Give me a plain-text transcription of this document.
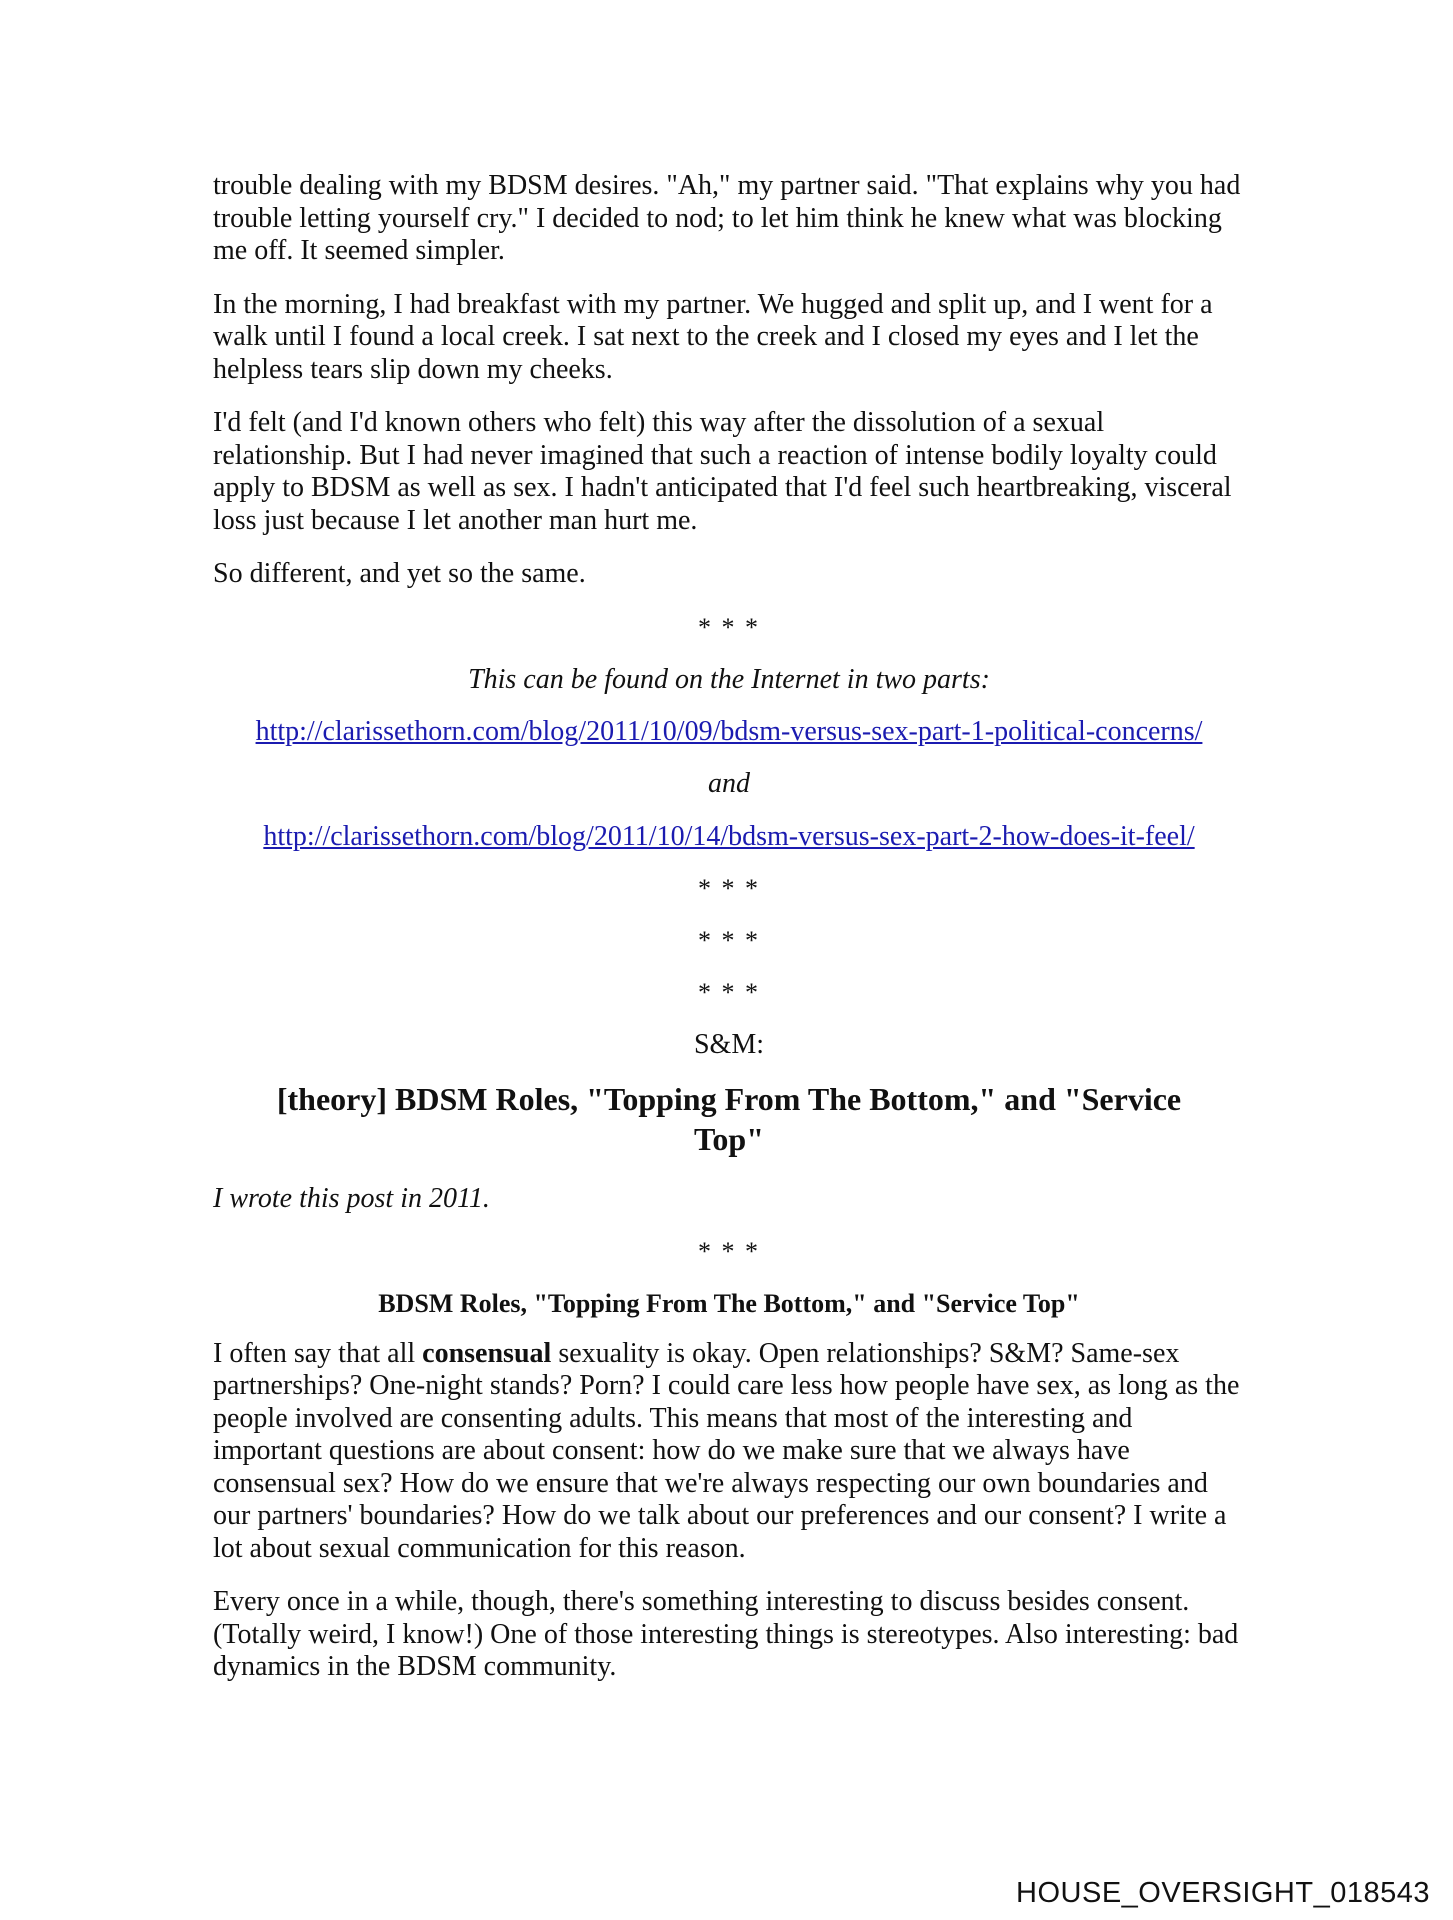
trouble dealing with my BDSM desires. "Ah," my partner said. "That explains why you had trouble letting yourself cry." I decided to nod; to let him think he knew what was blocking me off. It seemed simpler.

In the morning, I had breakfast with my partner. We hugged and split up, and I went for a walk until I found a local creek. I sat next to the creek and I closed my eyes and I let the helpless tears slip down my cheeks.

I'd felt (and I'd known others who felt) this way after the dissolution of a sexual relationship. But I had never imagined that such a reaction of intense bodily loyalty could apply to BDSM as well as sex. I hadn't anticipated that I'd feel such heartbreaking, visceral loss just because I let another man hurt me.

So different, and yet so the same.

* * *

This can be found on the Internet in two parts:

http://clarissethorn.com/blog/2011/10/09/bdsm-versus-sex-part-1-political-concerns/

and

http://clarissethorn.com/blog/2011/10/14/bdsm-versus-sex-part-2-how-does-it-feel/
* * *
* * *
* * *

S&M:

[theory] BDSM Roles, "Topping From The Bottom," and "Service Top"

I wrote this post in 2011.

* * *
BDSM Roles, "Topping From The Bottom," and "Service Top"

I often say that all consensual sexuality is okay. Open relationships? S&M? Same-sex partnerships? One-night stands? Porn? I could care less how people have sex, as long as the people involved are consenting adults. This means that most of the interesting and important questions are about consent: how do we make sure that we always have consensual sex? How do we ensure that we're always respecting our own boundaries and our partners' boundaries? How do we talk about our preferences and our consent? I write a lot about sexual communication for this reason.

Every once in a while, though, there's something interesting to discuss besides consent. (Totally weird, I know!) One of those interesting things is stereotypes. Also interesting: bad dynamics in the BDSM community.

HOUSE_OVERSIGHT_018543
